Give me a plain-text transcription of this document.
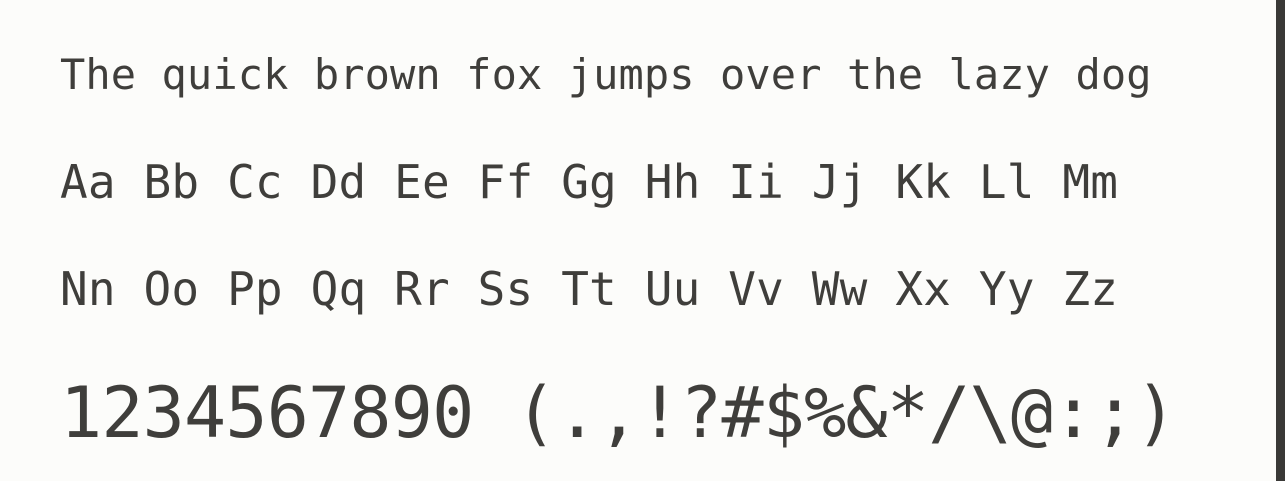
The quick brown fox jumps over the lazy dog

Aa Bb Cc Dd Ee Ff Gg Hh Ii Jj Kk Ll Mm

Nn Oo Pp Qq Rr Ss Tt Uu Vv Ww Xx Yy Zz

1234567890 (.,!?#$%&*/\@:;)
